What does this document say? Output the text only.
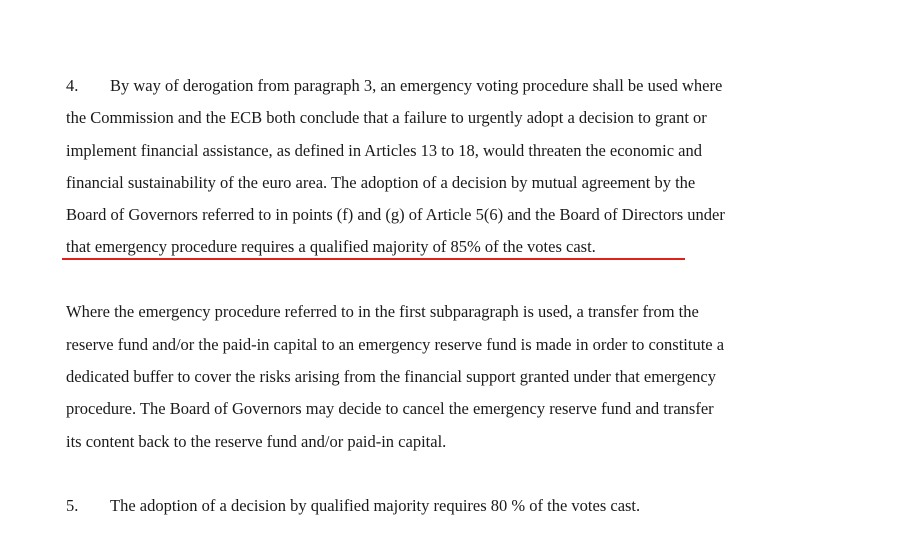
4. By way of derogation from paragraph 3, an emergency voting procedure shall be used where
the Commission and the ECB both conclude that a failure to urgently adopt a decision to grant or
implement financial assistance, as defined in Articles 13 to 18, would threaten the economic and
financial sustainability of the euro area. The adoption of a decision by mutual agreement by the
Board of Governors referred to in points (f) and (g) of Article 5(6) and the Board of Directors under
that emergency procedure requires a qualified majority of 85% of the votes cast.
Where the emergency procedure referred to in the first subparagraph is used, a transfer from the
reserve fund and/or the paid-in capital to an emergency reserve fund is made in order to constitute a
dedicated buffer to cover the risks arising from the financial support granted under that emergency
procedure. The Board of Governors may decide to cancel the emergency reserve fund and transfer
its content back to the reserve fund and/or paid-in capital.
5. The adoption of a decision by qualified majority requires 80 % of the votes cast.
